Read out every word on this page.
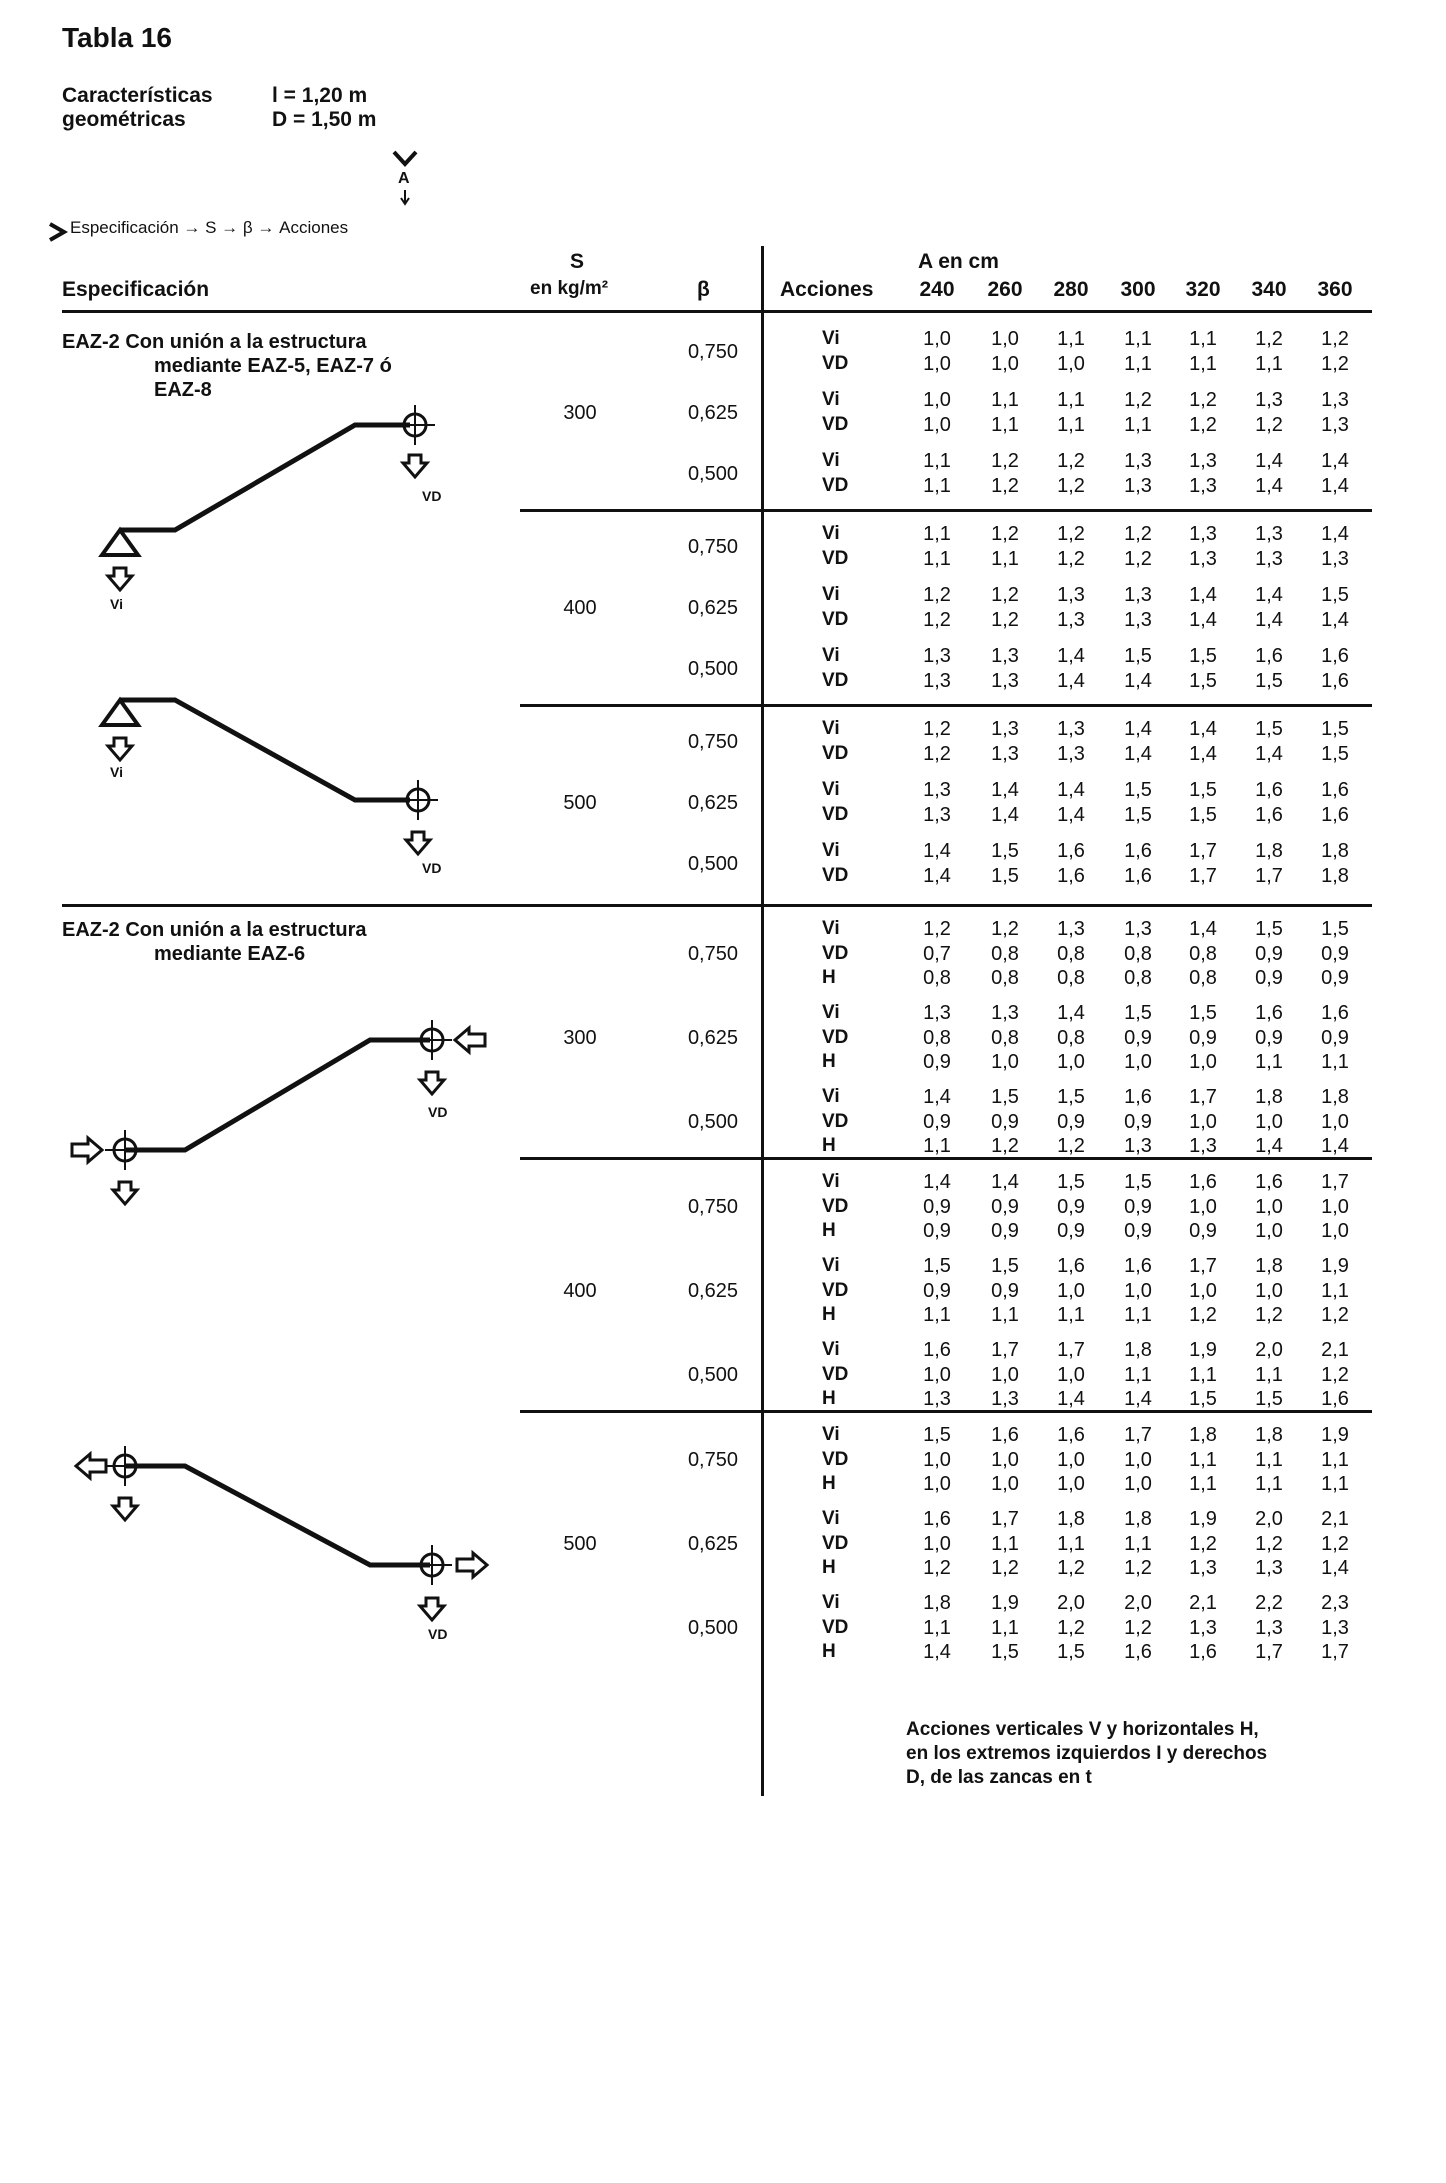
Tabla 16
Características	l = 1,20 m
geométricas	D = 1,50 m
A
Especificación → S → β → Acciones
Especificación
S
en kg/m²	β	Acciones
A en cm
240	260	280	300	320	340	360
300
0,750
Vi	1,0	1,0	1,1	1,1	1,1	1,2	1,2
VD	1,0	1,0	1,0	1,1	1,1	1,1	1,2
0,625
Vi	1,0	1,1	1,1	1,2	1,2	1,3	1,3
VD	1,0	1,1	1,1	1,1	1,2	1,2	1,3
0,500
Vi	1,1	1,2	1,2	1,3	1,3	1,4	1,4
VD	1,1	1,2	1,2	1,3	1,3	1,4	1,4
400
0,750
Vi	1,1	1,2	1,2	1,2	1,3	1,3	1,4
VD	1,1	1,1	1,2	1,2	1,3	1,3	1,3
0,625
Vi	1,2	1,2	1,3	1,3	1,4	1,4	1,5
VD	1,2	1,2	1,3	1,3	1,4	1,4	1,4
0,500
Vi	1,3	1,3	1,4	1,5	1,5	1,6	1,6
VD	1,3	1,3	1,4	1,4	1,5	1,5	1,6
500
0,750
Vi	1,2	1,3	1,3	1,4	1,4	1,5	1,5
VD	1,2	1,3	1,3	1,4	1,4	1,4	1,5
0,625
Vi	1,3	1,4	1,4	1,5	1,5	1,6	1,6
VD	1,3	1,4	1,4	1,5	1,5	1,6	1,6
0,500
Vi	1,4	1,5	1,6	1,6	1,7	1,8	1,8
VD	1,4	1,5	1,6	1,6	1,7	1,7	1,8
300
0,750
Vi	1,2	1,2	1,3	1,3	1,4	1,5	1,5
VD	0,7	0,8	0,8	0,8	0,8	0,9	0,9
H	0,8	0,8	0,8	0,8	0,8	0,9	0,9
0,625
Vi	1,3	1,3	1,4	1,5	1,5	1,6	1,6
VD	0,8	0,8	0,8	0,9	0,9	0,9	0,9
H	0,9	1,0	1,0	1,0	1,0	1,1	1,1
0,500
Vi	1,4	1,5	1,5	1,6	1,7	1,8	1,8
VD	0,9	0,9	0,9	0,9	1,0	1,0	1,0
H	1,1	1,2	1,2	1,3	1,3	1,4	1,4
400
0,750
Vi	1,4	1,4	1,5	1,5	1,6	1,6	1,7
VD	0,9	0,9	0,9	0,9	1,0	1,0	1,0
H	0,9	0,9	0,9	0,9	0,9	1,0	1,0
0,625
Vi	1,5	1,5	1,6	1,6	1,7	1,8	1,9
VD	0,9	0,9	1,0	1,0	1,0	1,0	1,1
H	1,1	1,1	1,1	1,1	1,2	1,2	1,2
0,500
Vi	1,6	1,7	1,7	1,8	1,9	2,0	2,1
VD	1,0	1,0	1,0	1,1	1,1	1,1	1,2
H	1,3	1,3	1,4	1,4	1,5	1,5	1,6
500
0,750
Vi	1,5	1,6	1,6	1,7	1,8	1,8	1,9
VD	1,0	1,0	1,0	1,0	1,1	1,1	1,1
H	1,0	1,0	1,0	1,0	1,1	1,1	1,1
0,625
Vi	1,6	1,7	1,8	1,8	1,9	2,0	2,1
VD	1,0	1,1	1,1	1,1	1,2	1,2	1,2
H	1,2	1,2	1,2	1,2	1,3	1,3	1,4
0,500
Vi	1,8	1,9	2,0	2,0	2,1	2,2	2,3
VD	1,1	1,1	1,2	1,2	1,3	1,3	1,3
H	1,4	1,5	1,5	1,6	1,6	1,7	1,7
EAZ-2 Con unión a la estructura
mediante EAZ-5, EAZ-7 ó
EAZ-8
EAZ-2 Con unión a la estructura
mediante EAZ-6
Vi
VD
Vi
VD
VD
VD
Acciones verticales V y horizontales H,
en los extremos izquierdos I y derechos
D, de las zancas en t
